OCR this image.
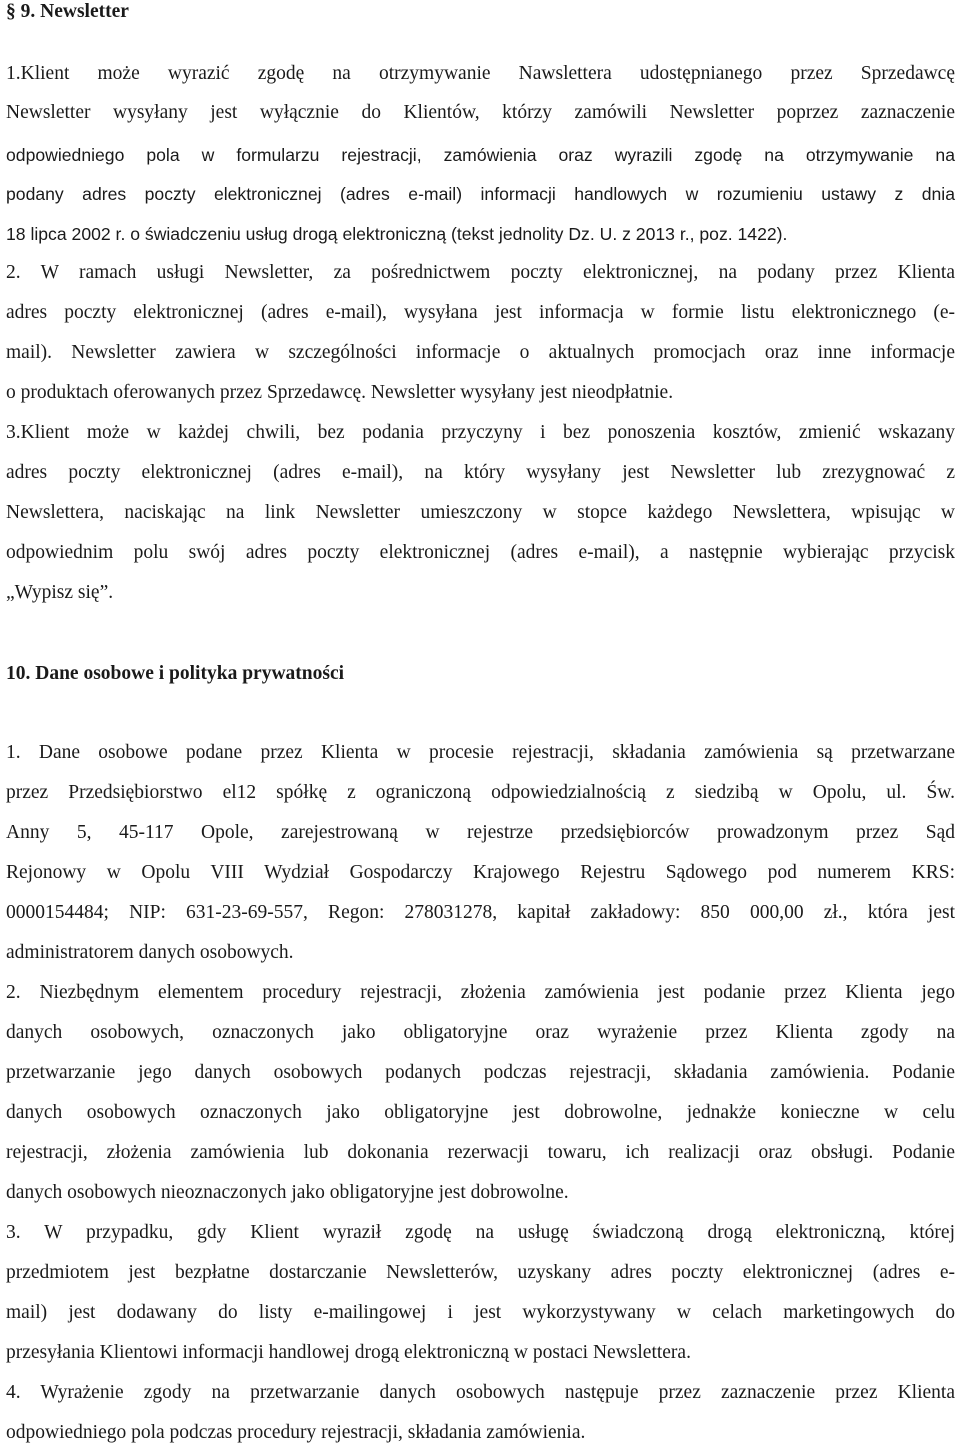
§ 9. Newsletter
1.Klient może wyrazić zgodę na otrzymywanie Nawslettera udostępnianego przez Sprzedawcę
Newsletter wysyłany jest wyłącznie do Klientów, którzy zamówili Newsletter poprzez zaznaczenie
odpowiedniego pola w formularzu rejestracji, zamówienia oraz wyrazili zgodę na otrzymywanie na
podany adres poczty elektronicznej (adres e-mail) informacji handlowych w rozumieniu ustawy z dnia
18 lipca 2002 r. o świadczeniu usług drogą elektroniczną (tekst jednolity Dz. U. z 2013 r., poz. 1422).
2. W ramach usługi Newsletter, za pośrednictwem poczty elektronicznej, na podany przez Klienta
adres poczty elektronicznej (adres e-mail), wysyłana jest informacja w formie listu elektronicznego (e-
mail). Newsletter zawiera w szczególności informacje o aktualnych promocjach oraz inne informacje
o produktach oferowanych przez Sprzedawcę. Newsletter wysyłany jest nieodpłatnie.
3.Klient może w każdej chwili, bez podania przyczyny i bez ponoszenia kosztów, zmienić wskazany
adres poczty elektronicznej (adres e-mail), na który wysyłany jest Newsletter lub zrezygnować z
Newslettera, naciskając na link Newsletter umieszczony w stopce każdego Newslettera, wpisując w
odpowiednim polu swój adres poczty elektronicznej (adres e-mail), a następnie wybierając przycisk
„Wypisz się”.
10. Dane osobowe i polityka prywatności
1. Dane osobowe podane przez Klienta w procesie rejestracji, składania zamówienia są przetwarzane
przez Przedsiębiorstwo el12 spółkę z ograniczoną odpowiedzialnością z siedzibą w Opolu, ul. Św.
Anny 5, 45-117 Opole, zarejestrowaną w rejestrze przedsiębiorców prowadzonym przez Sąd
Rejonowy w Opolu VIII Wydział Gospodarczy Krajowego Rejestru Sądowego pod numerem KRS:
0000154484; NIP: 631-23-69-557, Regon: 278031278, kapitał zakładowy: 850 000,00 zł., która jest
administratorem danych osobowych.
2. Niezbędnym elementem procedury rejestracji, złożenia zamówienia jest podanie przez Klienta jego
danych osobowych, oznaczonych jako obligatoryjne oraz wyrażenie przez Klienta zgody na
przetwarzanie jego danych osobowych podanych podczas rejestracji, składania zamówienia. Podanie
danych osobowych oznaczonych jako obligatoryjne jest dobrowolne, jednakże konieczne w celu
rejestracji, złożenia zamówienia lub dokonania rezerwacji towaru, ich realizacji oraz obsługi. Podanie
danych osobowych nieoznaczonych jako obligatoryjne jest dobrowolne.
3. W przypadku, gdy Klient wyraził zgodę na usługę świadczoną drogą elektroniczną, której
przedmiotem jest bezpłatne dostarczanie Newsletterów, uzyskany adres poczty elektronicznej (adres e-
mail) jest dodawany do listy e-mailingowej i jest wykorzystywany w celach marketingowych do
przesyłania Klientowi informacji handlowej drogą elektroniczną w postaci Newslettera.
4. Wyrażenie zgody na przetwarzanie danych osobowych następuje przez zaznaczenie przez Klienta
odpowiedniego pola podczas procedury rejestracji, składania zamówienia.
